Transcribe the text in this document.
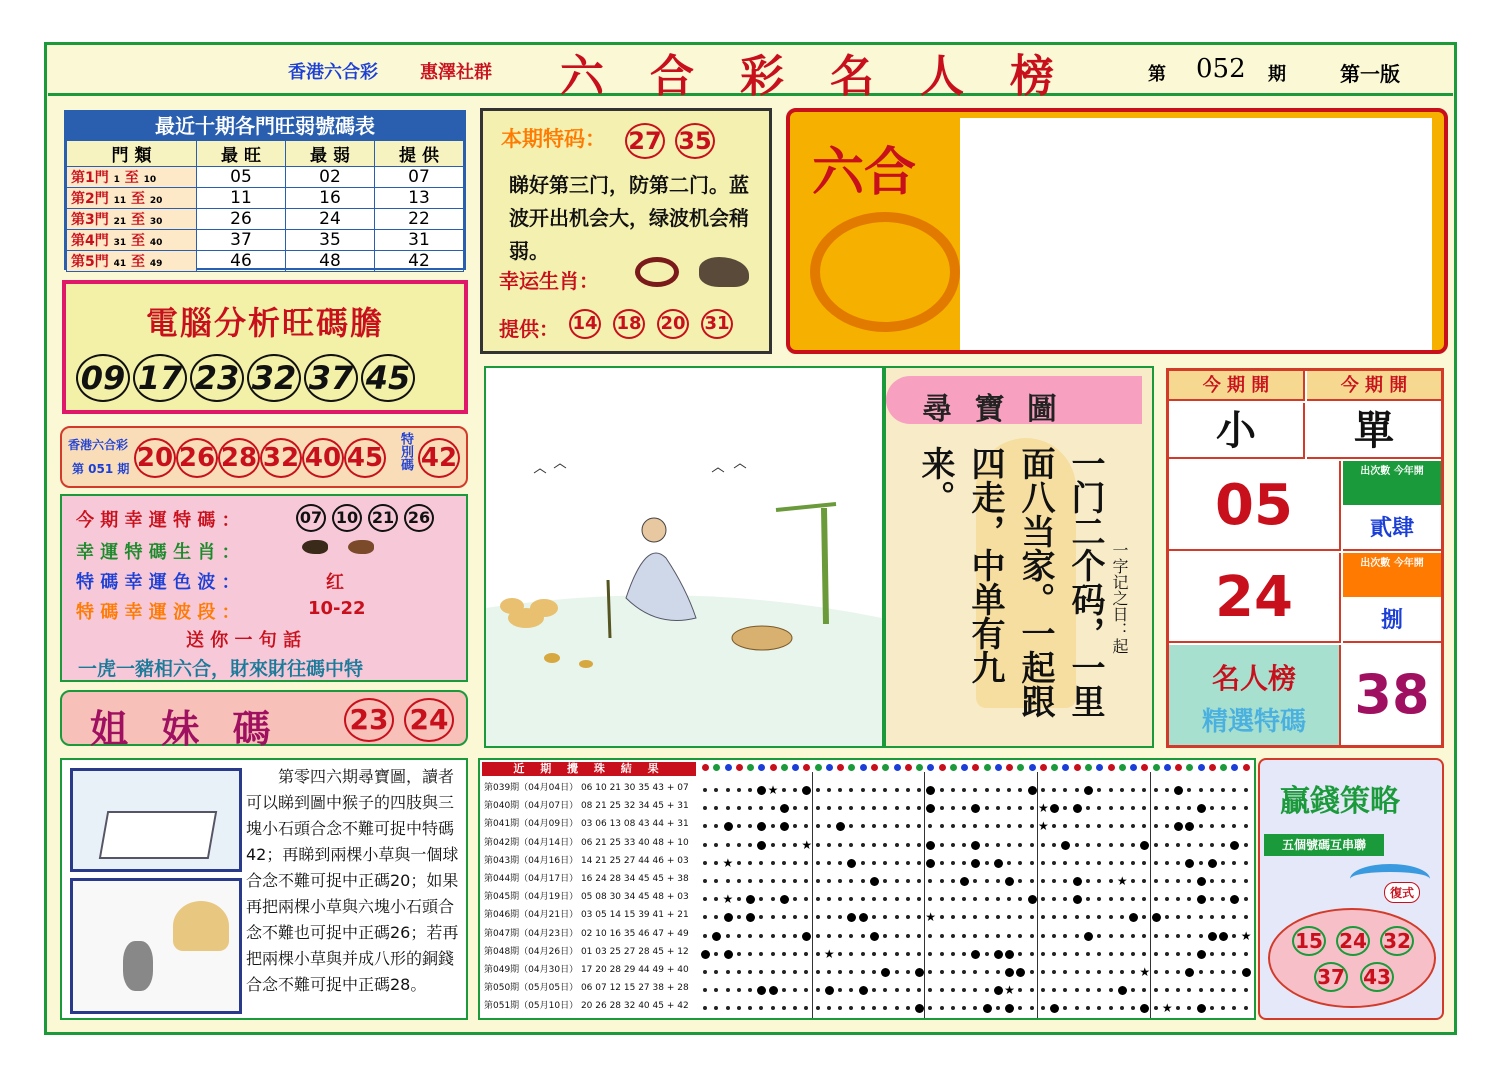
香港六合彩 惠澤社群 六合彩名人榜	第 052 期	第一版
最近十期各門旺弱號碼表
門 類	最 旺	最 弱	提 供
第1門 1 至 10	05	02	07
第2門 11 至 20	11	16	13
第3門 21 至 30	26	24	22
第4門 31 至 40	37	35	31
第5門 41 至 49	46	48	42
電腦分析旺碼膽
09 17 23 32 37 45
香港六合彩
第 051 期 20 26 28 32 40 45 特別碼 42
今 期 幸 運 特 碼 ：	07 10 21 26
幸 運 特 碼 生 肖 ：

特 碼 幸 運 色 波 ：	红
特 碼 幸 運 波 段 ：	10-22
送 你 一 句 話
一虎一豬相六合，財來財往碼中特
姐 妹 碼 23 24
本期特码： 27 35
睇好第三门，防第二门。蓝波开出机会大，绿波机会稍弱。
幸运生肖：
提供： 14 18 20 31
六合
尋 寶 圖
一门二个码，一里面八当家。一起跟四走，中单有九来。
一字记之日：起
今 期 開	今 期 開
小	單
05
出次數 今年開
貳肆
24
出次數 今年開
捌
名人榜
精選特碼 38
第零四六期尋寶圖，讀者可以睇到圖中猴子的四肢與三塊小石頭合念不難可捉中特碼42；再睇到兩棵小草與一個球合念不難可捉中正碼20；如果再把兩棵小草與六塊小石頭合念不難也可捉中正碼26；若再把兩棵小草與并成八形的銅錢合念不難可捉中正碼28。
近 期 攪 珠 結 果
第039期（04月04日） 06 10 21 30 35 43 + 07
第040期（04月07日） 08 21 25 32 34 45 + 31
第041期（04月09日） 03 06 13 08 43 44 + 31
第042期（04月14日） 06 21 25 33 40 48 + 10
第043期（04月16日） 14 21 25 27 44 46 + 03
第044期（04月17日） 16 24 28 34 45 45 + 38
第045期（04月19日） 05 08 30 34 45 48 + 03
第046期（04月21日） 03 05 14 15 39 41 + 21
第047期（04月23日） 02 10 16 35 46 47 + 49
第048期（04月26日） 01 03 25 27 28 45 + 12
第049期（04月30日） 17 20 28 29 44 49 + 40
第050期（05月05日） 06 07 12 15 27 38 + 28
第051期（05月10日） 20 26 28 32 40 45 + 42
★
★
★
★
★
★
★
★
★
★
★
★
★
贏錢策略
五個號碼互串聯
復式
15 24 32
37 43
